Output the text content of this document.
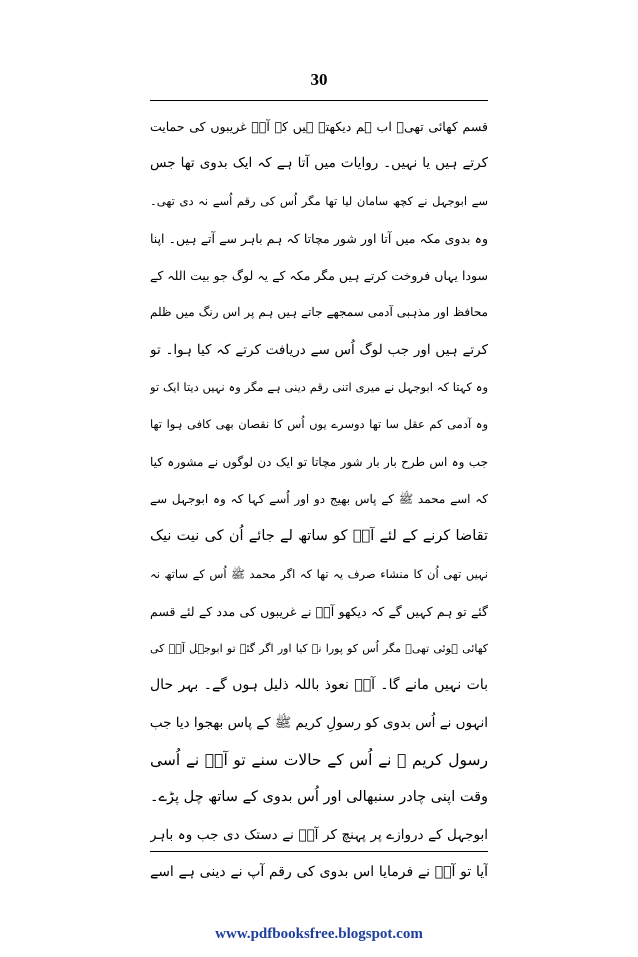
30
قسم کھائی تھی۔ اب ہم دیکھتے ہیں کہ آپؐ غریبوں کی حمایت
کرتے ہیں یا نہیں۔ روایات میں آتا ہے کہ ایک بدوی تھا جس
سے ابوجہل نے کچھ سامان لیا تھا مگر اُس کی رقم اُسے نہ دی تھی۔
وہ بدوی مکہ میں آتا اور شور مچاتا کہ ہم باہر سے آتے ہیں۔ اپنا
سودا یہاں فروخت کرتے ہیں مگر مکہ کے یہ لوگ جو بیت اللہ کے
محافظ اور مذہبی آدمی سمجھے جاتے ہیں ہم پر اس رنگ میں ظلم
کرتے ہیں اور جب لوگ اُس سے دریافت کرتے کہ کیا ہوا۔ تو
وہ کہتا کہ ابوجہل نے میری اتنی رقم دینی ہے مگر وہ نہیں دیتا ایک تو
وہ آدمی کم عقل سا تھا دوسرے یوں اُس کا نقصان بھی کافی ہوا تھا
جب وہ اس طرح بار بار شور مچاتا تو ایک دن لوگوں نے مشورہ کیا
کہ اسے محمد ﷺ کے پاس بھیج دو اور اُسے کہا کہ وہ ابوجہل سے
تقاضا کرنے کے لئے آپؐ کو ساتھ لے جائے اُن کی نیت نیک
نہیں تھی اُن کا منشاء صرف یہ تھا کہ اگر محمد ﷺ اُس کے ساتھ نہ
گئے تو ہم کہیں گے کہ دیکھو آپؐ نے غریبوں کی مدد کے لئے قسم
کھائی ہوئی تھی۔ مگر اُس کو پورا نہ کیا اور اگر گئے تو ابوجہل آپؐ کی
بات نہیں مانے گا۔ آپؐ نعوذ باللہ ذلیل ہوں گے۔ بہر حال
انہوں نے اُس بدوی کو رسولِ کریم ﷺ کے پاس بھجوا دیا جب
رسول کریم ﷺ نے اُس کے حالات سنے تو آپؐ نے اُسی
وقت اپنی چادر سنبھالی اور اُس بدوی کے ساتھ چل پڑے۔
ابوجہل کے دروازے پر پہنچ کر آپؐ نے دستک دی جب وہ باہر
آیا تو آپؐ نے فرمایا اس بدوی کی رقم آپ نے دینی ہے اسے
www.pdfbooksfree.blogspot.com
